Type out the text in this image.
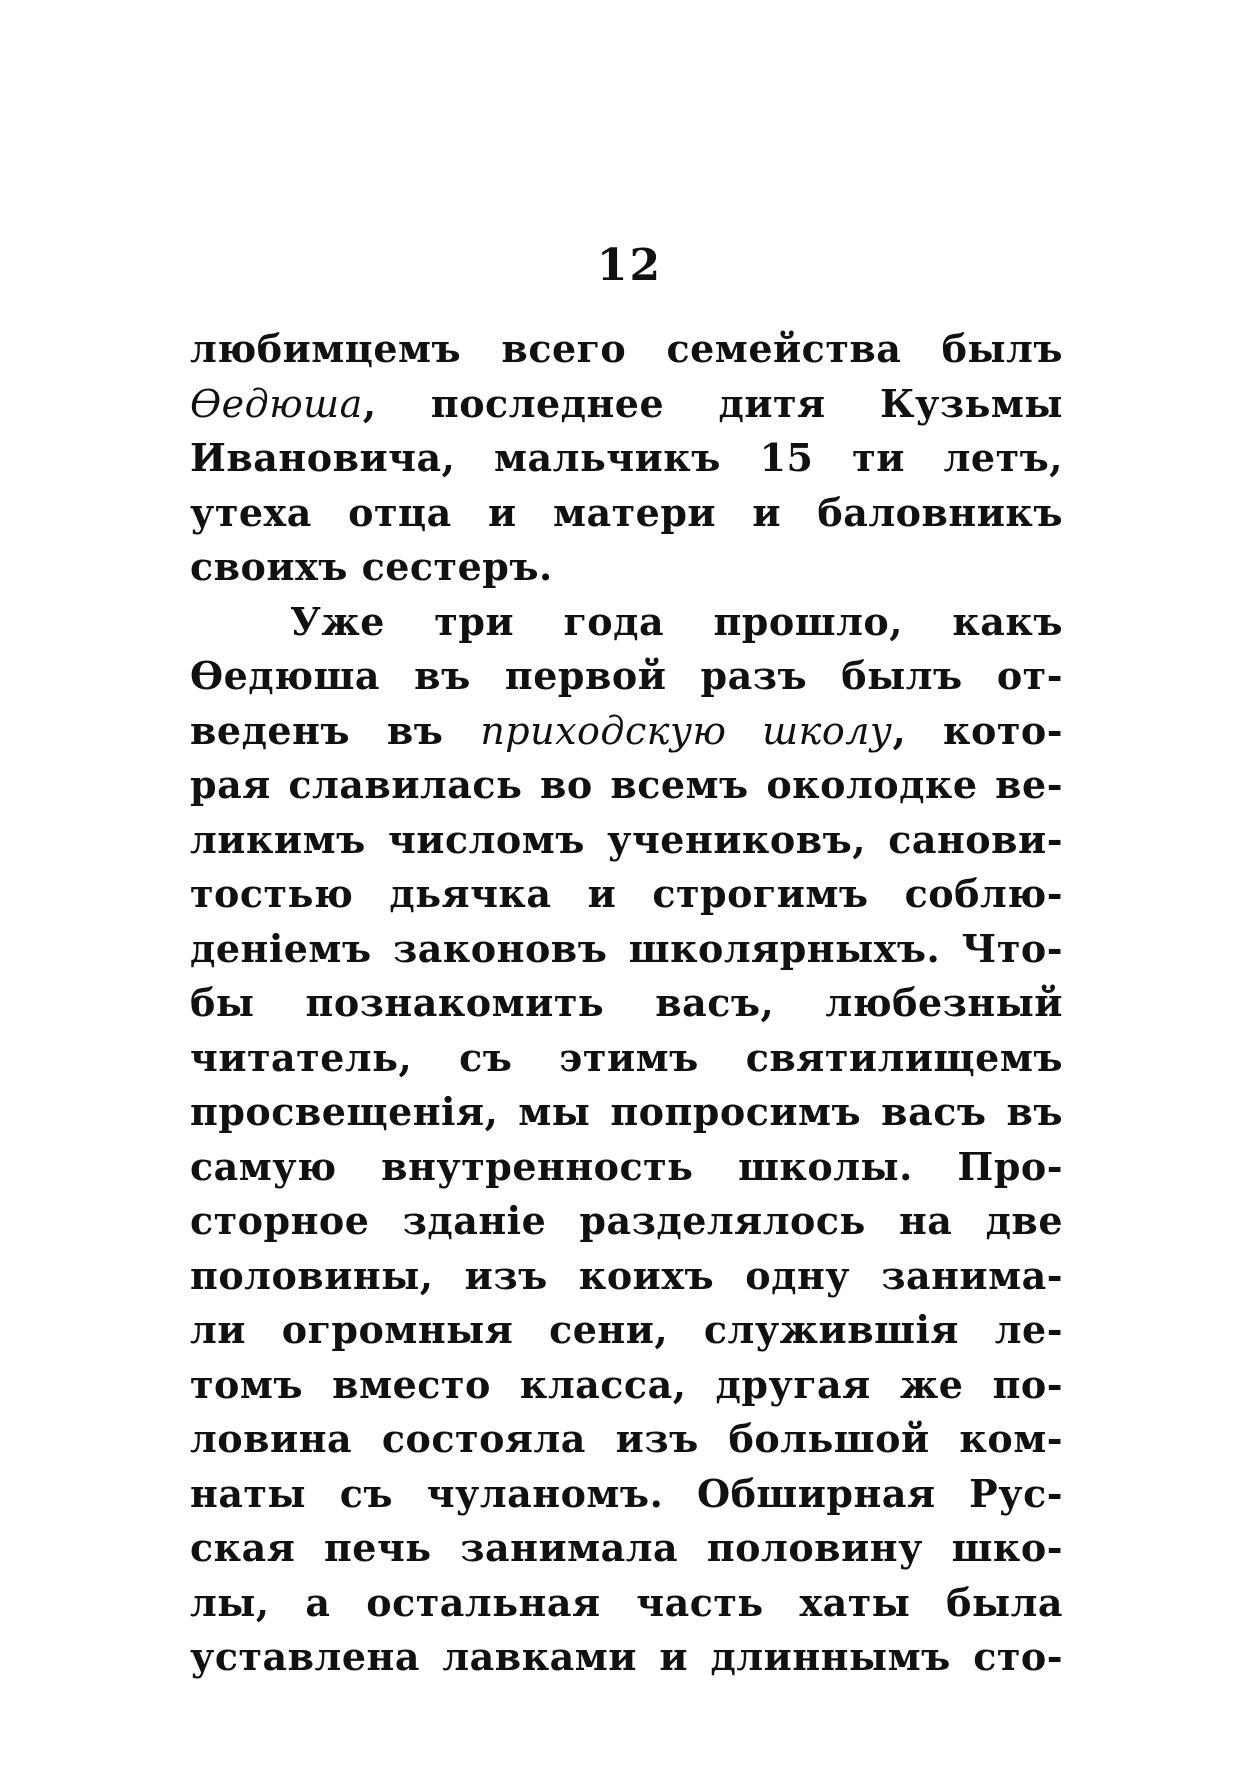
12
любимцемъ всего семейства былъ
Ѳедюша, последнее дитя Кузьмы
Ивановича, мальчикъ 15 ти летъ,
утеха отца и матери и баловникъ
своихъ сестеръ.
Уже три года прошло, какъ
Ѳедюша въ первой разъ былъ от-
веденъ въ приходскую школу, кото-
рая славилась во всемъ околодке ве-
ликимъ числомъ учениковъ, санови-
тостью дьячка и строгимъ соблю-
деніемъ законовъ школярныхъ. Что-
бы познакомить васъ, любезный
читатель, съ этимъ святилищемъ
просвещенія, мы попросимъ васъ въ
самую внутренность школы. Про-
сторное зданіе разделялось на две
половины, изъ коихъ одну занима-
ли огромныя сени, служившія ле-
томъ вместо класса, другая же по-
ловина состояла изъ большой ком-
наты съ чуланомъ. Обширная Рус-
ская печь занимала половину шко-
лы, а остальная часть хаты была
уставлена лавками и длиннымъ сто-
